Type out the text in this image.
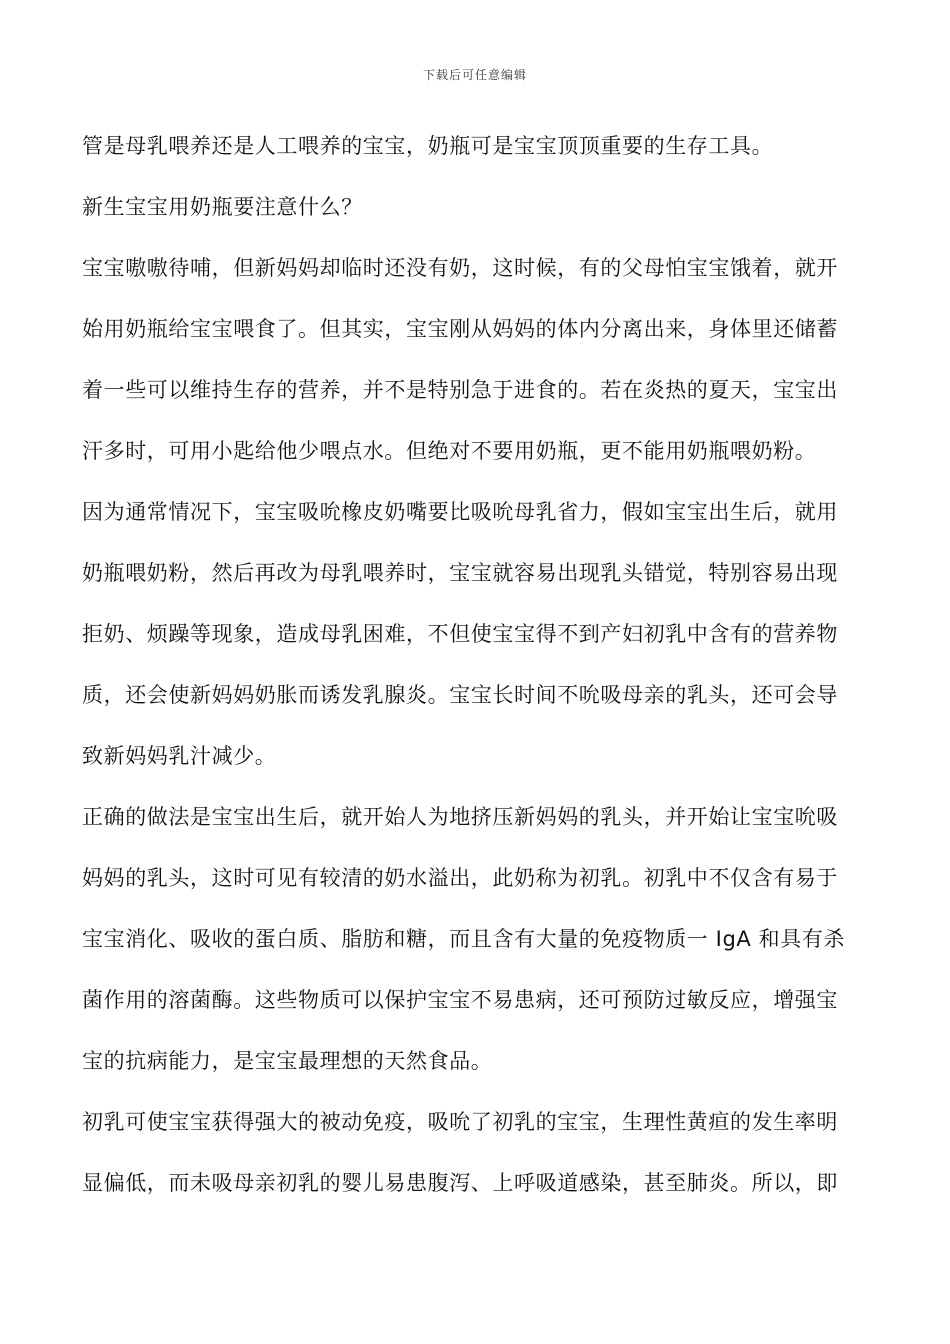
下载后可任意编辑
管是母乳喂养还是人工喂养的宝宝，奶瓶可是宝宝顶顶重要的生存工具。
新生宝宝用奶瓶要注意什么？
宝宝嗷嗷待哺，但新妈妈却临时还没有奶，这时候，有的父母怕宝宝饿着，就开
始用奶瓶给宝宝喂食了。但其实，宝宝刚从妈妈的体内分离出来，身体里还储蓄
着一些可以维持生存的营养，并不是特别急于进食的。若在炎热的夏天，宝宝出
汗多时，可用小匙给他少喂点水。但绝对不要用奶瓶，更不能用奶瓶喂奶粉。
因为通常情况下，宝宝吸吮橡皮奶嘴要比吸吮母乳省力，假如宝宝出生后，就用
奶瓶喂奶粉，然后再改为母乳喂养时，宝宝就容易出现乳头错觉，特别容易出现
拒奶、烦躁等现象，造成母乳困难，不但使宝宝得不到产妇初乳中含有的营养物
质，还会使新妈妈奶胀而诱发乳腺炎。宝宝长时间不吮吸母亲的乳头，还可会导
致新妈妈乳汁减少。
正确的做法是宝宝出生后，就开始人为地挤压新妈妈的乳头，并开始让宝宝吮吸
妈妈的乳头，这时可见有较清的奶水溢出，此奶称为初乳。初乳中不仅含有易于
宝宝消化、吸收的蛋白质、脂肪和糖，而且含有大量的免疫物质一 IgA 和具有杀
菌作用的溶菌酶。这些物质可以保护宝宝不易患病，还可预防过敏反应，增强宝
宝的抗病能力，是宝宝最理想的天然食品。
初乳可使宝宝获得强大的被动免疫，吸吮了初乳的宝宝，生理性黄疸的发生率明
显偏低，而未吸母亲初乳的婴儿易患腹泻、上呼吸道感染，甚至肺炎。所以，即
